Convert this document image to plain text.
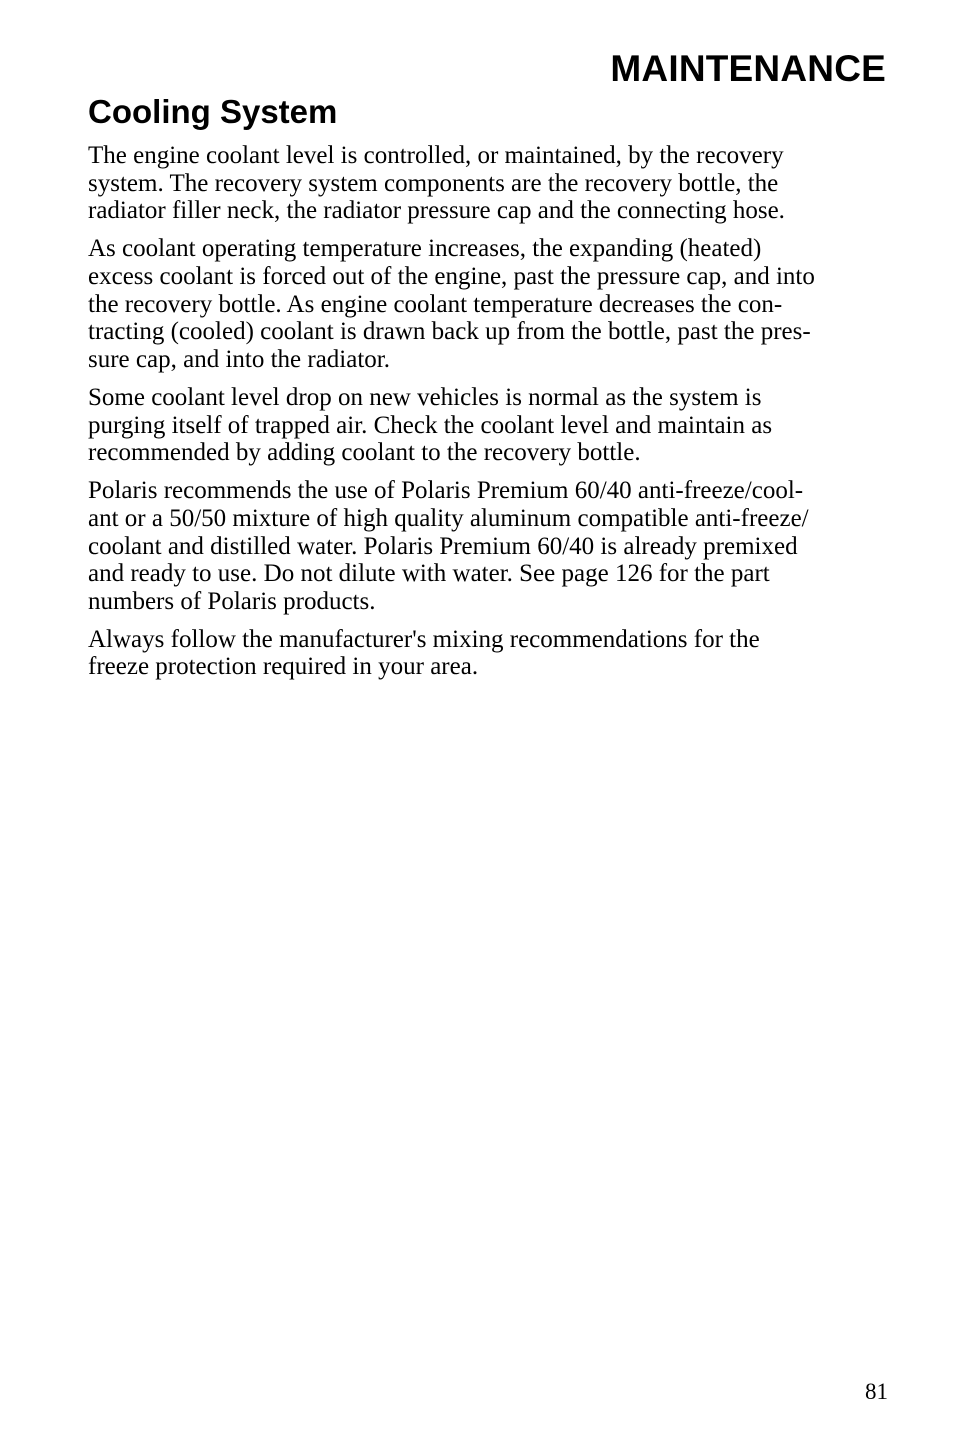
MAINTENANCE
Cooling System

The engine coolant level is controlled, or maintained, by the recovery
system. The recovery system components are the recovery bottle, the
radiator filler neck, the radiator pressure cap and the connecting hose.

As coolant operating temperature increases, the expanding (heated)
excess coolant is forced out of the engine, past the pressure cap, and into
the recovery bottle. As engine coolant temperature decreases the con-
tracting (cooled) coolant is drawn back up from the bottle, past the pres-
sure cap, and into the radiator.

Some coolant level drop on new vehicles is normal as the system is
purging itself of trapped air. Check the coolant level and maintain as
recommended by adding coolant to the recovery bottle.

Polaris recommends the use of Polaris Premium 60/40 anti-freeze/cool-
ant or a 50/50 mixture of high quality aluminum compatible anti-freeze/
coolant and distilled water. Polaris Premium 60/40 is already premixed
and ready to use. Do not dilute with water. See page 126 for the part
numbers of Polaris products.

Always follow the manufacturer's mixing recommendations for the
freeze protection required in your area.

81
